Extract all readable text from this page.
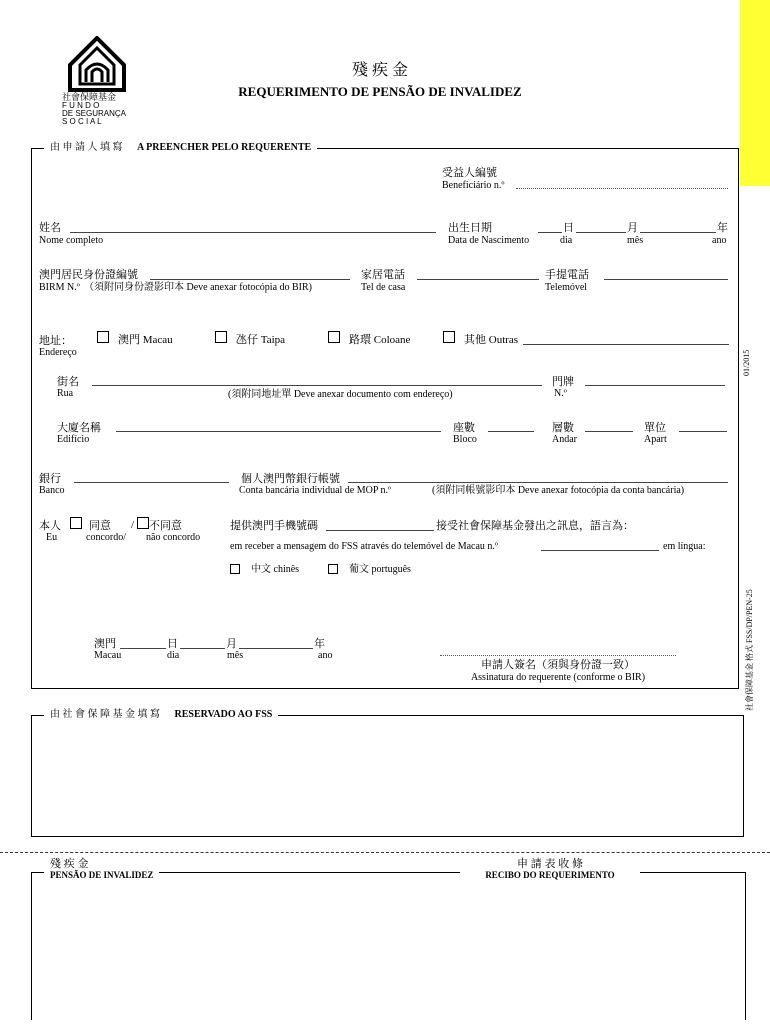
社會保障基金
F U N D O
DE SEGURANÇA
S O C I A L
殘 疾 金
REQUERIMENTO DE PENSÃO DE INVALIDEZ
01/2015
社會保障基金 格式 FSS/DP/PEN-25
由 申 請 人 填 寫 A PREENCHER PELO REQUERENTE
受益人編號
Beneficiário n.º
姓名
Nome completo
出生日期
Data de Nascimento
日
dia
月
mês
年
ano
澳門居民身份證編號
BIRM N.º （須附同身份證影印本 Deve anexar fotocópia do BIR)
家居電話
Tel de casa
手提電話
Telemóvel
地址：
Endereço
澳門 Macau	氹仔 Taipa	路環 Coloane	其他 Outras
街名
Rua	(須附同地址單 Deve anexar documento com endereço)
門牌
N.º
大廈名稱
Edifício
座數
Bloco
層數
Andar
單位
Apart
銀行
Banco
個人澳門幣銀行帳號
Conta bancária individual de MOP n.º	(須附同帳號影印本 Deve anexar fotocópia da conta bancária)
本人
Eu
同意
concordo/
/ 不同意
não concordo
提供澳門手機號碼	接受社會保障基金發出之訊息，語言為：
em receber a mensagem do FSS através do telemóvel de Macau n.º	em língua:
中文 chinês	葡文 português
澳門
Macau
日
dia
月
mês
年
ano
申請人簽名（須與身份證一致）
Assinatura do requerente (conforme o BIR)
由 社 會 保 障 基 金 填 寫 RESERVADO AO FSS
殘 疾 金
PENSÃO DE INVALIDEZ
申 請 表 收 條
RECIBO DO REQUERIMENTO
